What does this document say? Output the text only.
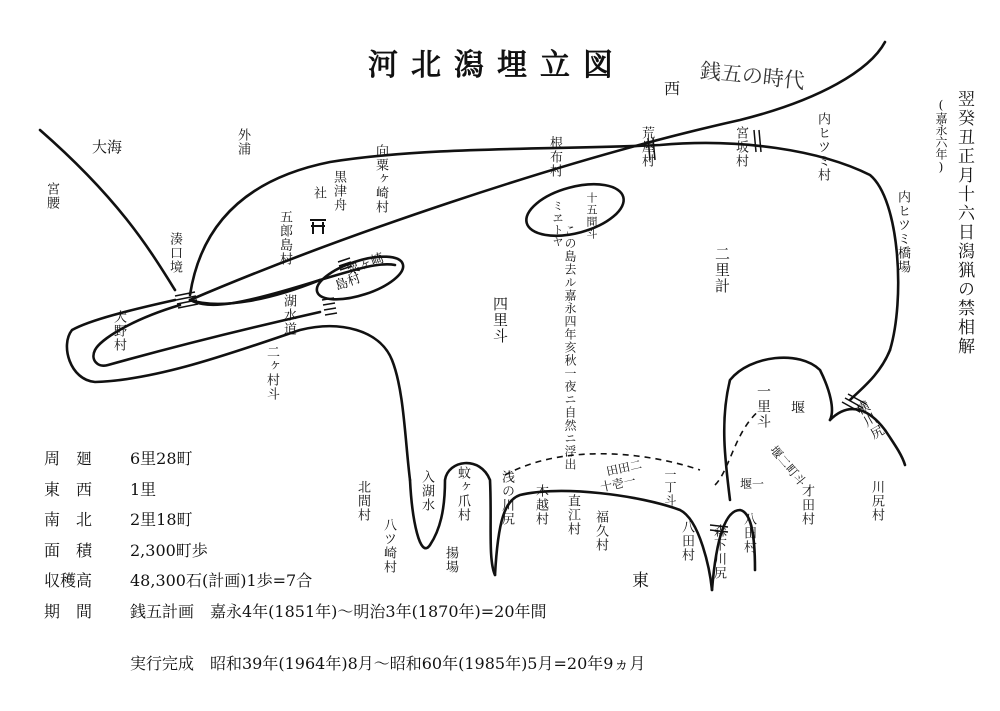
河北潟埋立図	銭五の時代
西
東
翌癸丑正月十六日潟猟の禁相解
(嘉永六年)
大海
宮腰
外浦
湊口境
大野村
五郎島村
社 黒津舟 向粟ヶ崎村
粟ヶ崎
島村
湖水道
二ヶ村斗
根布村	荒屋村	宮坂村	内ヒツミ村
内ヒツミ橋場
十五間斗
ミヱトヤ この島去ル嘉永四年亥秋一夜ニ自然ニ浮出	二里計
四里斗
一里斗 堰
北間村	入湖水
八ツ崎村
蚊ヶ爪村
揚場
浅の川尻 木越村 直江村 福久村	八田村 森下川尻 八田村
才田村	川尻村
横川尻
一丁斗
田田二
十壱一	堰二町斗
堰一
周　廻	6里28町
東　西	1里
南　北	2里18町
面　積	2,300町歩
収穫高	48,300石(計画)1歩=7合
期　間	銭五計画　嘉永4年(1851年)〜明治3年(1870年)=20年間
実行完成　昭和39年(1964年)8月〜昭和60年(1985年)5月=20年9ヵ月
